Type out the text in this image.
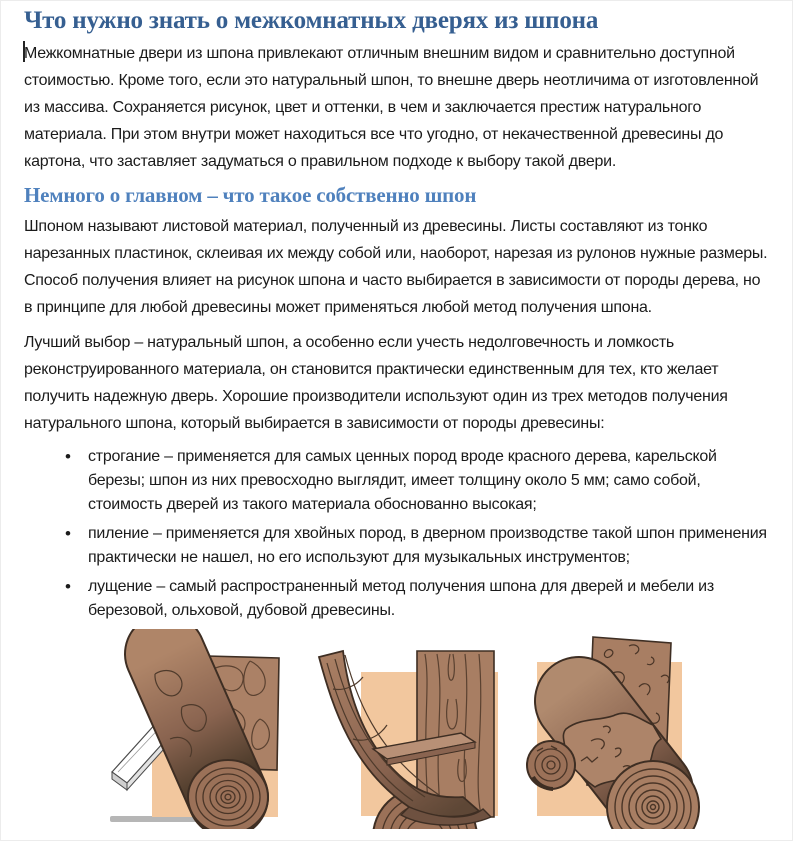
Что нужно знать о межкомнатных дверях из шпона

Межкомнатные двери из шпона привлекают отличным внешним видом и сравнительно доступной стоимостью. Кроме того, если это натуральный шпон, то внешне дверь неотличима от изготовленной из массива. Сохраняется рисунок, цвет и оттенки, в чем и заключается престиж натурального материала. При этом внутри может находиться все что угодно, от некачественной древесины до картона, что заставляет задуматься о правильном подходе к выбору такой двери.

Немного о главном – что такое собственно шпон

Шпоном называют листовой материал, полученный из древесины. Листы составляют из тонко нарезанных пластинок, склеивая их между собой или, наоборот, нарезая из рулонов нужные размеры. Способ получения влияет на рисунок шпона и часто выбирается в зависимости от породы дерева, но в принципе для любой древесины может применяться любой метод получения шпона.

Лучший выбор – натуральный шпон, а особенно если учесть недолговечность и ломкость реконструированного материала, он становится практически единственным для тех, кто желает получить надежную дверь. Хорошие производители используют один из трех методов получения натурального шпона, который выбирается в зависимости от породы древесины:

• строгание – применяется для самых ценных пород вроде красного дерева, карельской березы; шпон из них превосходно выглядит, имеет толщину около 5 мм; само собой, стоимость дверей из такого материала обоснованно высокая;
• пиление – применяется для хвойных пород, в дверном производстве такой шпон применения практически не нашел, но его используют для музыкальных инструментов;
• лущение – самый распространенный метод получения шпона для дверей и мебели из березовой, ольховой, дубовой древесины.
